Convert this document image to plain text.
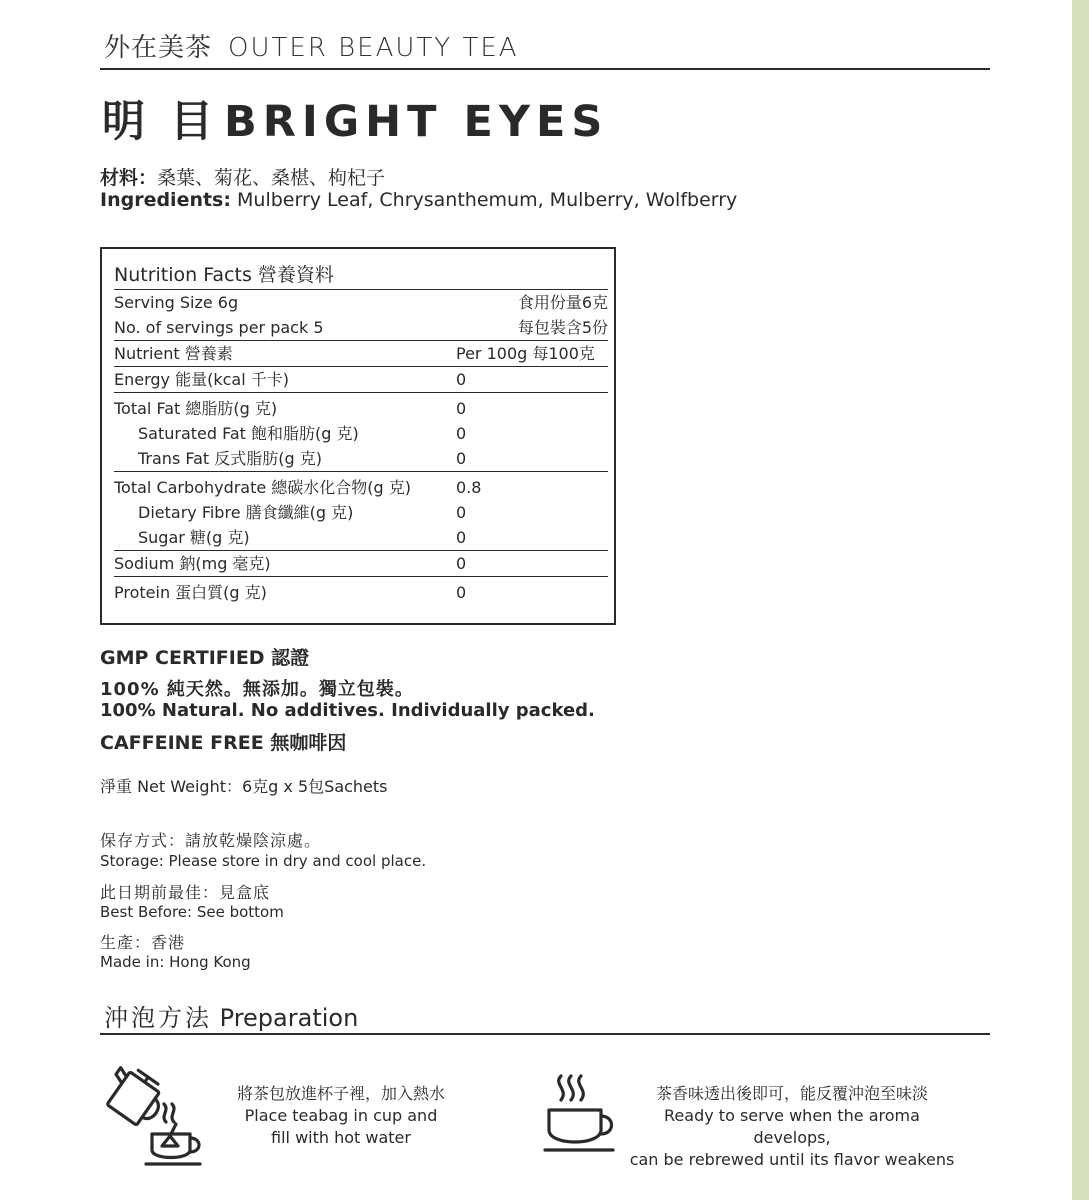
外在美茶 OUTER BEAUTY TEA
明 目 BRIGHT EYES
材料：桑葉、菊花、桑椹、枸杞子
Ingredients: Mulberry Leaf, Chrysanthemum, Mulberry, Wolfberry
Nutrition Facts 營養資料
Serving Size 6g	食用份量6克
No. of servings per pack 5	每包裝含5份
Nutrient 營養素	Per 100g 每100克
Energy 能量(kcal 千卡)	0
Total Fat 總脂肪(g 克)	0
Saturated Fat 飽和脂肪(g 克)	0
Trans Fat 反式脂肪(g 克)	0
Total Carbohydrate 總碳水化合物(g 克)	0.8
Dietary Fibre 膳食纖維(g 克)	0
Sugar 糖(g 克)	0
Sodium 鈉(mg 毫克)	0
Protein 蛋白質(g 克)	0
GMP CERTIFIED 認證
100% 純天然。無添加。獨立包裝。
100% Natural. No additives. Individually packed.
CAFFEINE FREE 無咖啡因
淨重 Net Weight：6克g x 5包Sachets
保存方式：請放乾燥陰涼處。
Storage: Please store in dry and cool place.
此日期前最佳：見盒底
Best Before: See bottom
生產：香港
Made in: Hong Kong
沖泡方法 Preparation
將茶包放進杯子裡，加入熱水
Place teabag in cup and
fill with hot water
茶香味透出後即可，能反覆沖泡至味淡
Ready to serve when the aroma develops,
can be rebrewed until its flavor weakens
